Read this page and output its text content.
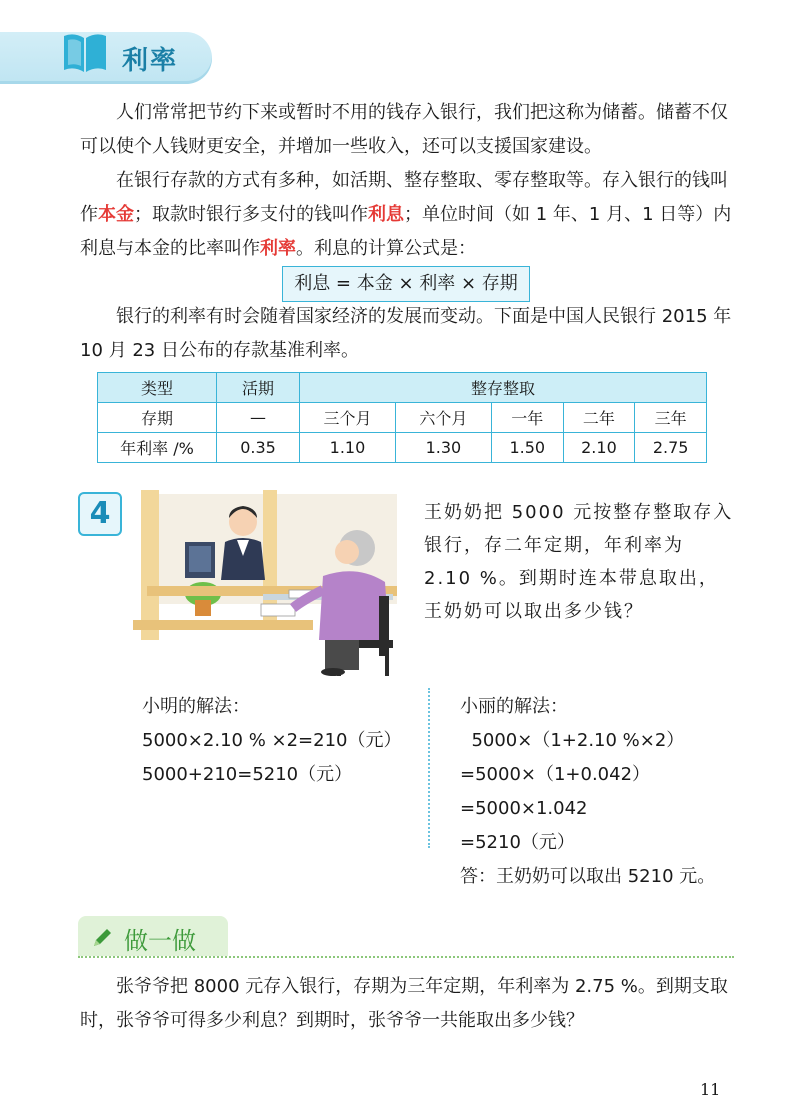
利率

人们常常把节约下来或暂时不用的钱存入银行，我们把这称为储蓄。储蓄不仅可以使个人钱财更安全，并增加一些收入，还可以支援国家建设。

在银行存款的方式有多种，如活期、整存整取、零存整取等。存入银行的钱叫作本金；取款时银行多支付的钱叫作利息；单位时间（如 1 年、1 月、1 日等）内利息与本金的比率叫作利率。利息的计算公式是：

利息 = 本金 × 利率 × 存期

银行的利率有时会随着国家经济的发展而变动。下面是中国人民银行 2015 年 10 月 23 日公布的存款基准利率。

类型	活期	整存整取				
存期	—	三个月	六个月	一年	二年	三年
年利率 /%	0.35	1.10	1.30	1.50	2.10	2.75
4	王奶奶把 5000 元按整存整取存入银行，存二年定期，年利率为 2.10 %。到期时连本带息取出，王奶奶可以取出多少钱？
小明的解法：
5000×2.10 % ×2=210（元）
5000+210=5210（元）
小丽的解法：
5000×（1+2.10 %×2）
=5000×（1+0.042）
=5000×1.042
=5210（元）
答：王奶奶可以取出 5210 元。
做一做

张爷爷把 8000 元存入银行，存期为三年定期，年利率为 2.75 %。到期支取时，张爷爷可得多少利息？到期时，张爷爷一共能取出多少钱？

11
